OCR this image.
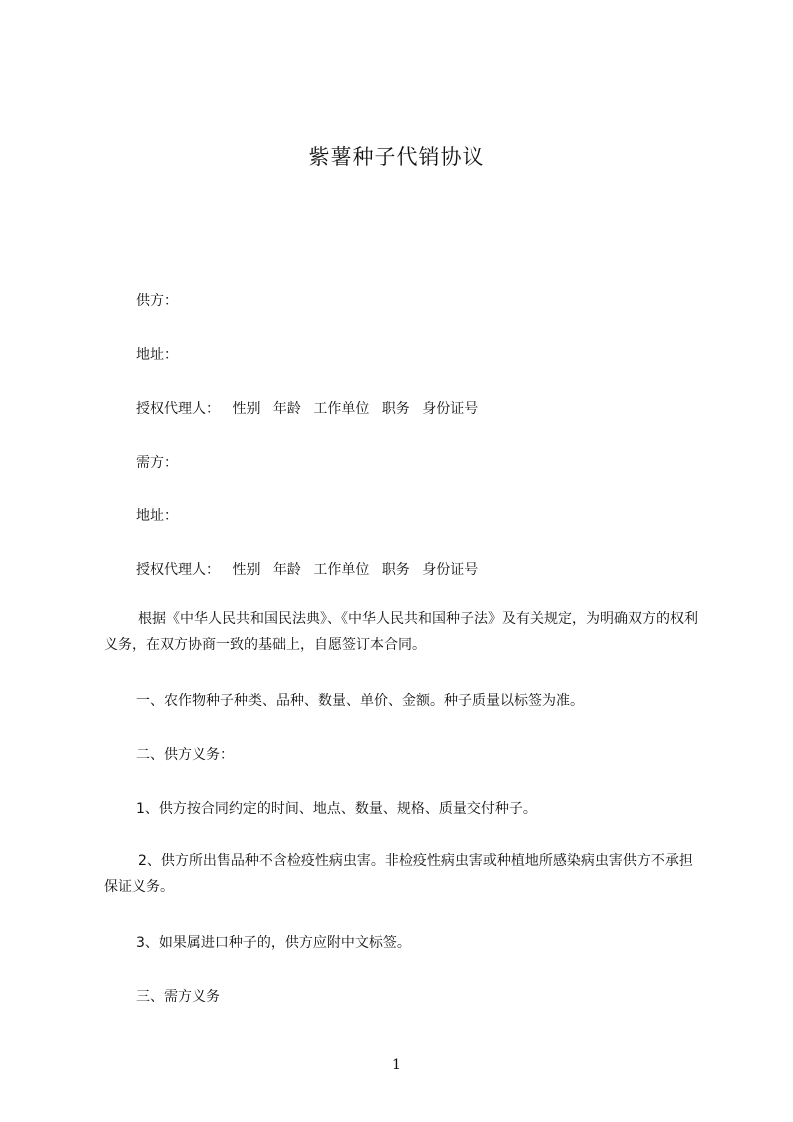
紫薯种子代销协议
供方：
地址：
授权代理人： 性别 年龄 工作单位 职务 身份证号
需方：
地址：
授权代理人： 性别 年龄 工作单位 职务 身份证号
根据《中华人民共和国民法典》、《中华人民共和国种子法》及有关规定，为明确双方的权利义务，在双方协商一致的基础上，自愿签订本合同。
一、农作物种子种类、品种、数量、单价、金额。种子质量以标签为准。
二、供方义务：
1、供方按合同约定的时间、地点、数量、规格、质量交付种子。
2、供方所出售品种不含检疫性病虫害。非检疫性病虫害或种植地所感染病虫害供方不承担保证义务。
3、如果属进口种子的，供方应附中文标签。
三、需方义务
1
